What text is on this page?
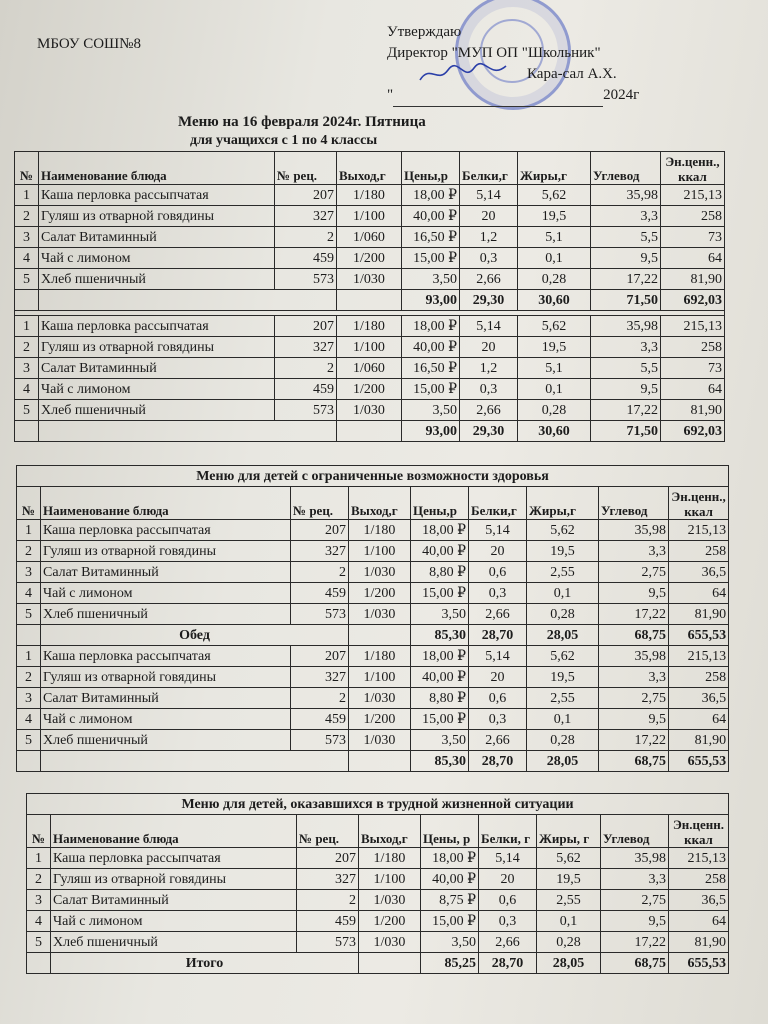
МБОУ СОШ№8
Утверждаю
Директор "МУП ОП "Школьник"
Кара-сал А.Х.
"	2024г
Меню на 16 февраля 2024г. Пятница
для учащихся с 1 по 4 классы
№	Наименование блюда	№ рец.	Выход,г	Цены,р	Белки,г	Жиры,г	Углевод	Эн.ценн., ккал
1	Каша перловка рассыпчатая	207	1/180	18,00 ₽	5,14	5,62	35,98	215,13
2	Гуляш из отварной говядины	327	1/100	40,00 ₽	20	19,5	3,3	258
3	Салат Витаминный	2	1/060	16,50 ₽	1,2	5,1	5,5	73
4	Чай с лимоном	459	1/200	15,00 ₽	0,3	0,1	9,5	64
5	Хлеб пшеничный	573	1/030	3,50	2,66	0,28	17,22	81,90
				93,00	29,30	30,60	71,50	692,03

1	Каша перловка рассыпчатая	207	1/180	18,00 ₽	5,14	5,62	35,98	215,13
2	Гуляш из отварной говядины	327	1/100	40,00 ₽	20	19,5	3,3	258
3	Салат Витаминный	2	1/060	16,50 ₽	1,2	5,1	5,5	73
4	Чай с лимоном	459	1/200	15,00 ₽	0,3	0,1	9,5	64
5	Хлеб пшеничный	573	1/030	3,50	2,66	0,28	17,22	81,90
				93,00	29,30	30,60	71,50	692,03
Меню для детей с ограниченные возможности здоровья								
№	Наименование блюда	№ рец.	Выход,г	Цены,р	Белки,г	Жиры,г	Углевод	Эн.ценн., ккал
1	Каша перловка рассыпчатая	207	1/180	18,00 ₽	5,14	5,62	35,98	215,13
2	Гуляш из отварной говядины	327	1/100	40,00 ₽	20	19,5	3,3	258
3	Салат Витаминный	2	1/030	8,80 ₽	0,6	2,55	2,75	36,5
4	Чай с лимоном	459	1/200	15,00 ₽	0,3	0,1	9,5	64
5	Хлеб пшеничный	573	1/030	3,50	2,66	0,28	17,22	81,90
	Обед			85,30	28,70	28,05	68,75	655,53
1	Каша перловка рассыпчатая	207	1/180	18,00 ₽	5,14	5,62	35,98	215,13
2	Гуляш из отварной говядины	327	1/100	40,00 ₽	20	19,5	3,3	258
3	Салат Витаминный	2	1/030	8,80 ₽	0,6	2,55	2,75	36,5
4	Чай с лимоном	459	1/200	15,00 ₽	0,3	0,1	9,5	64
5	Хлеб пшеничный	573	1/030	3,50	2,66	0,28	17,22	81,90
				85,30	28,70	28,05	68,75	655,53
Меню для детей, оказавшихся в трудной жизненной ситуации								
№	Наименование блюда	№ рец.	Выход,г	Цены, р	Белки, г	Жиры, г	Углевод	Эн.ценн. ккал
1	Каша перловка рассыпчатая	207	1/180	18,00 ₽	5,14	5,62	35,98	215,13
2	Гуляш из отварной говядины	327	1/100	40,00 ₽	20	19,5	3,3	258
3	Салат Витаминный	2	1/030	8,75 ₽	0,6	2,55	2,75	36,5
4	Чай с лимоном	459	1/200	15,00 ₽	0,3	0,1	9,5	64
5	Хлеб пшеничный	573	1/030	3,50	2,66	0,28	17,22	81,90
	Итого			85,25	28,70	28,05	68,75	655,53
